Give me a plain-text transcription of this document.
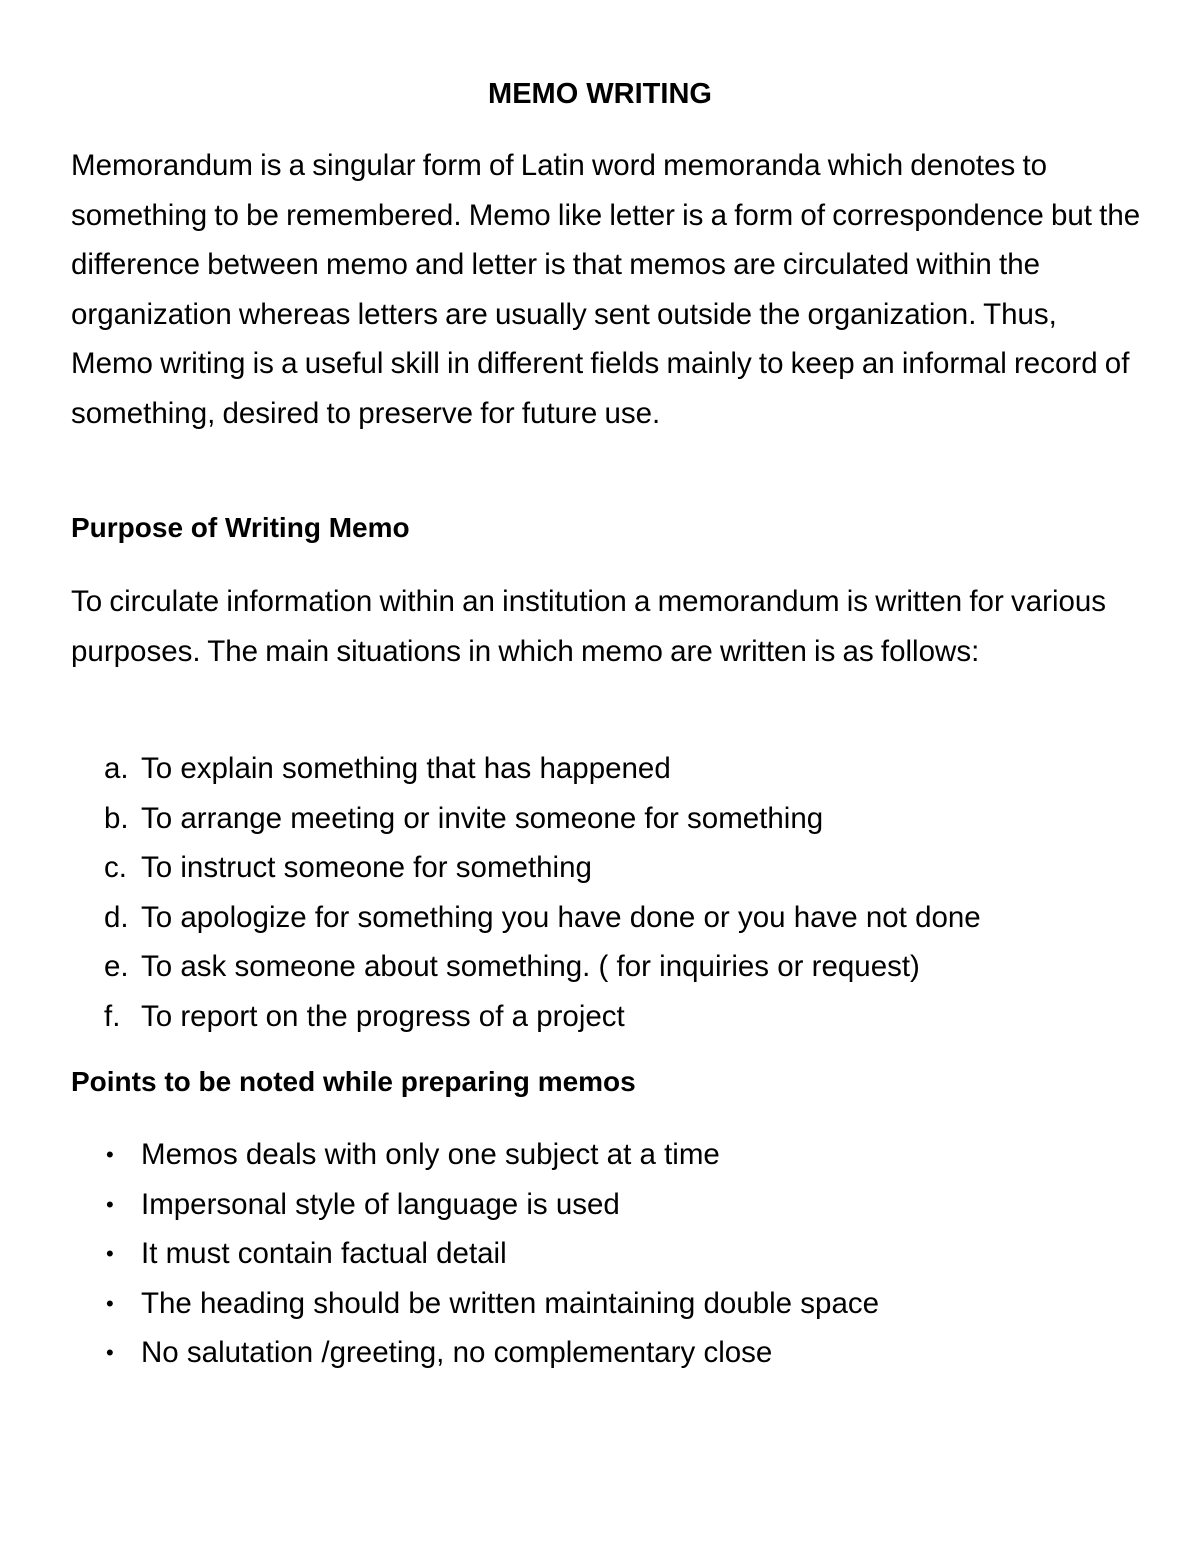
MEMO WRITING

Memorandum is a singular form of Latin word memoranda which denotes to something to be remembered. Memo like letter is a form of correspondence but the difference between memo and letter is that memos are circulated within the organization whereas letters are usually sent outside the organization. Thus, Memo writing is a useful skill in different fields mainly to keep an informal record of something, desired to preserve for future use.

Purpose of Writing Memo

To circulate information within an institution a memorandum is written for various purposes. The main situations in which memo are written is as follows:

a. To explain something that has happened
b. To arrange meeting or invite someone for something
c. To instruct someone for something
d. To apologize for something you have done or you have not done
e. To ask someone about something. ( for inquiries or request)
f. To report on the progress of a project
Points to be noted while preparing memos
• Memos deals with only one subject at a time
• Impersonal style of language is used
• It must contain factual detail
• The heading should be written maintaining double space
• No salutation /greeting, no complementary close
